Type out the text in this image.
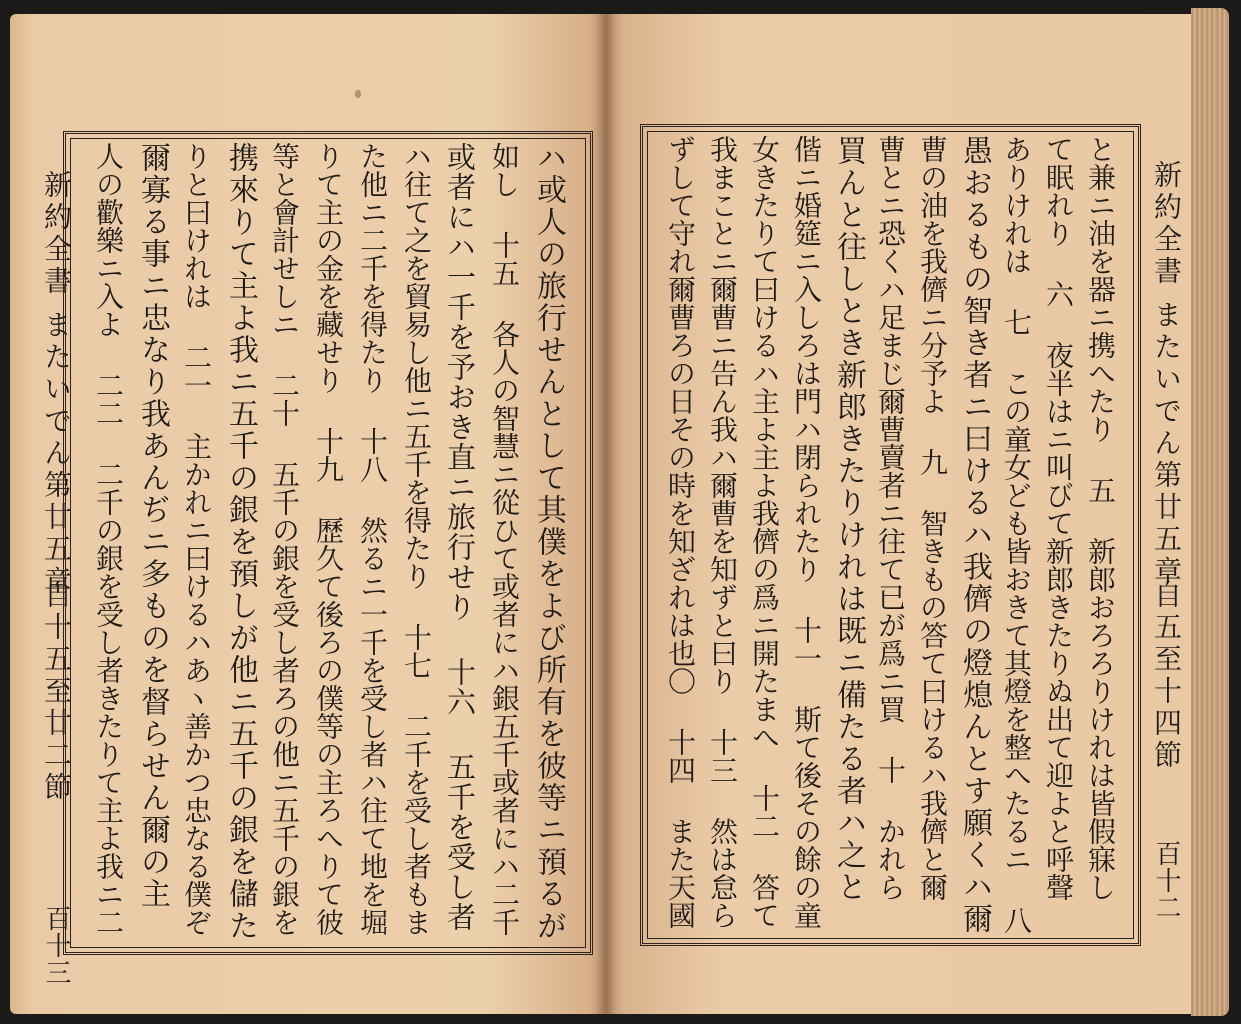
新約全書
またいでん第廿五章
自十五至廿二節
百十三
ハ或人の旅行せんとして其僕をよび所有を彼等ニ預るが
如し 十五 各人の智慧ニ從ひて或者にハ銀五千或者にハ二千
或者にハ一千を予おき直ニ旅行せり 十六 五千を受し者
ハ往て之を貿易し他ニ五千を得たり 十七 二千を受し者もま
た他ニ二千を得たり 十八 然るニ一千を受し者ハ往て地を堀
りて主の金を藏せり 十九 歷久て後ろの僕等の主ろへりて彼
等と會計せしニ 二十 五千の銀を受し者ろの他ニ五千の銀を
携來りて主よ我ニ五千の銀を預しが他ニ五千の銀を儲た
りと曰けれは 二一 主かれニ曰けるハあヽ善かつ忠なる僕ぞ
爾寡る事ニ忠なり我あんぢニ多ものを督らせん爾の主
人の歡樂ニ入よ 二二 二千の銀を受し者きたりて主よ我ニ二	新約全書
またいでん第廿五章
自五至十四節
百十二
と兼ニ油を器ニ携へたり 五 新郎おろろりけれは皆假寐し
て眠れり 六 夜半はニ叫びて新郎きたりぬ出て迎よと呼聲
ありけれは 七 この童女ども皆おきて其燈を整へたるニ 八
愚おるもの智き者ニ曰けるハ我儕の燈熄んとす願くハ爾
曹の油を我儕ニ分予よ 九 智きもの答て曰けるハ我儕と爾
曹とニ恐くハ足まじ爾曹賣者ニ往て已が爲ニ買 十 かれら
買んと往しとき新郎きたりけれは既ニ備たる者ハ之と
偕ニ婚筵ニ入しろは門ハ閉られたり 十一 斯て後その餘の童
女きたりて曰けるハ主よ主よ我儕の爲ニ開たまへ 十二 答て
我まことニ爾曹ニ告ん我ハ爾曹を知ずと曰り 十三 然は怠ら
ずして守れ爾曹ろの日その時を知ざれは也〇 十四 また天國
